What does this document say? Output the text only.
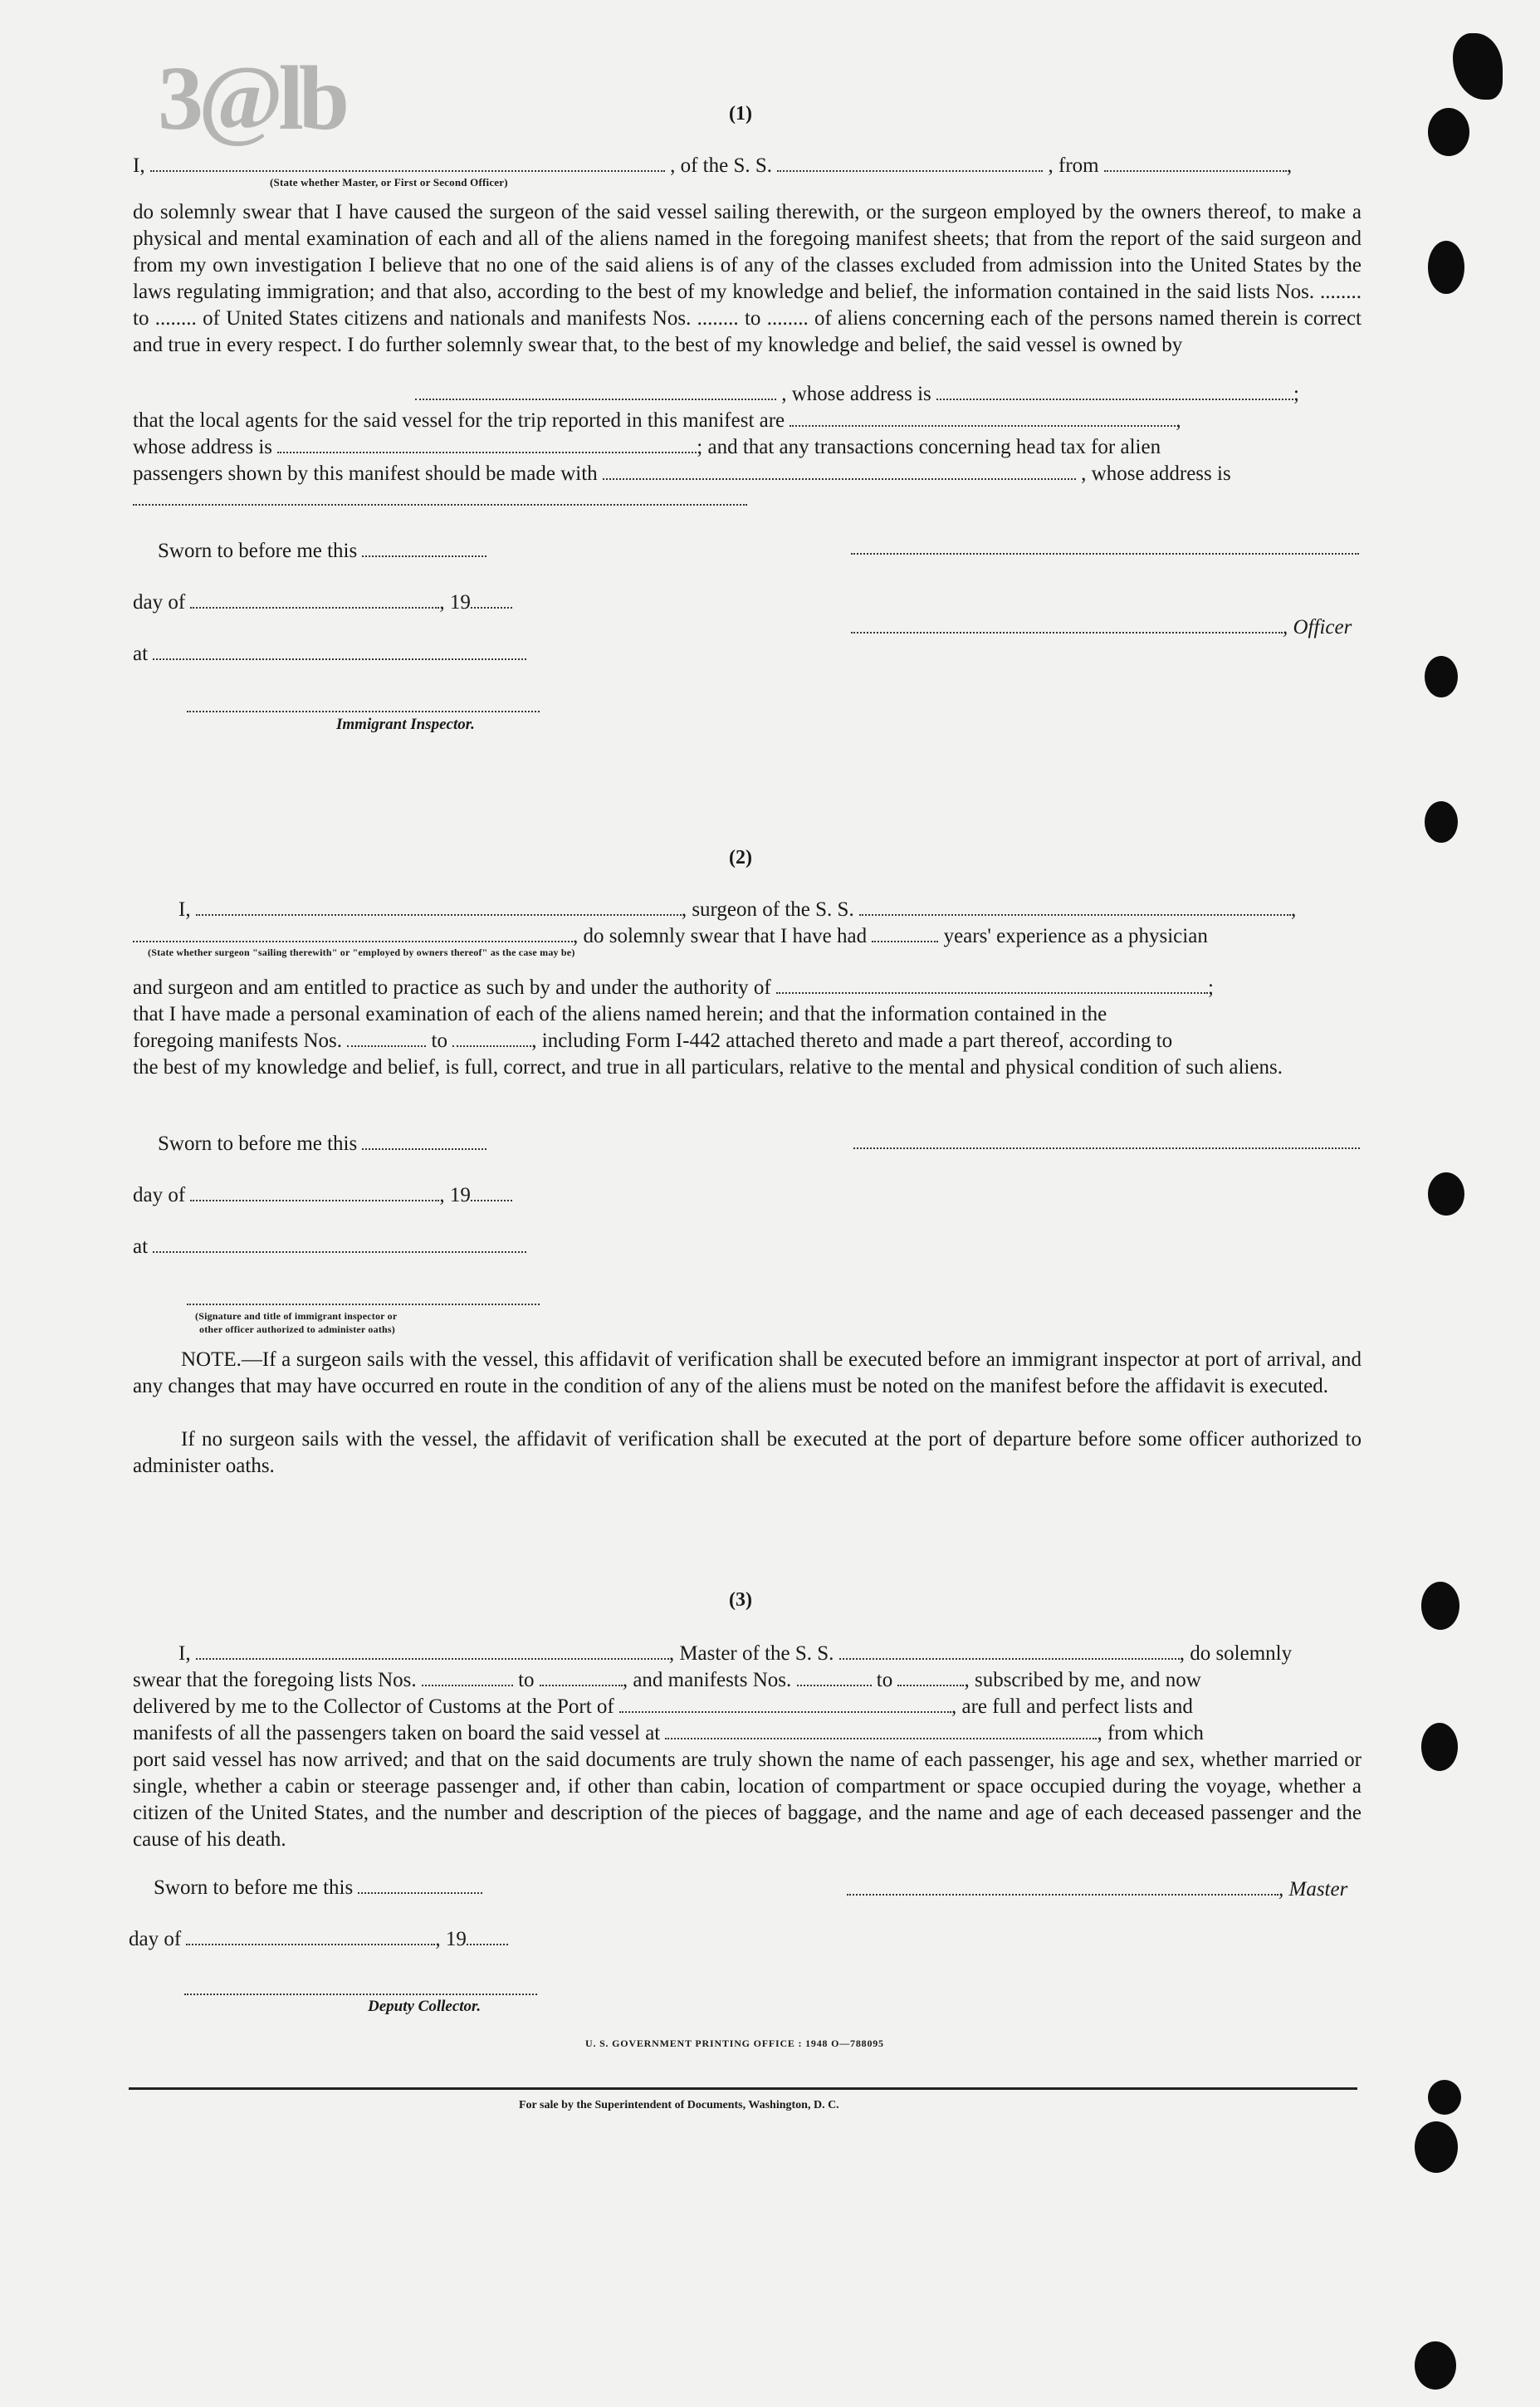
3@lb	(1)
I,	, of the S. S.	, from	,
(State whether Master, or First or Second Officer)
do solemnly swear that I have caused the surgeon of the said vessel sailing therewith, or the surgeon employed by the owners thereof, to make a physical and mental examination of each and all of the aliens named in the foregoing manifest sheets; that from the report of the said surgeon and from my own investigation I believe that no one of the said aliens is of any of the classes excluded from admission into the United States by the laws regulating immigration; and that also, according to the best of my knowledge and belief, the information contained in the said lists Nos. ........ to ........ of United States citizens and nationals and manifests Nos. ........ to ........ of aliens concerning each of the persons named therein is correct and true in every respect. I do further solemnly swear that, to the best of my knowledge and belief, the said vessel is owned by
, whose address is	;
that the local agents for the said vessel for the trip reported in this manifest are	,
whose address is	; and that any transactions concerning head tax for alien
passengers shown by this manifest should be made with	, whose address is
Sworn to before me this
day of	, 19
, Officer
at
Immigrant Inspector.
(2)
I,	, surgeon of the S. S.	,
, do solemnly swear that I have had	years' experience as a physician
(State whether surgeon "sailing therewith" or "employed by owners thereof" as the case may be)
and surgeon and am entitled to practice as such by and under the authority of	;
that I have made a personal examination of each of the aliens named herein; and that the information contained in the
foregoing manifests Nos.	to	, including Form I-442 attached thereto and made a part thereof, according to
the best of my knowledge and belief, is full, correct, and true in all particulars, relative to the mental and physical condition of such aliens.
Sworn to before me this
day of	, 19
at
(Signature and title of immigrant inspector or
other officer authorized to administer oaths)
NOTE.—If a surgeon sails with the vessel, this affidavit of verification shall be executed before an immigrant inspector at port of arrival, and any changes that may have occurred en route in the condition of any of the aliens must be noted on the manifest before the affidavit is executed.
If no surgeon sails with the vessel, the affidavit of verification shall be executed at the port of departure before some officer authorized to administer oaths.
(3)
I,	, Master of the S. S.	, do solemnly
swear that the foregoing lists Nos.	to	, and manifests Nos.	to	, subscribed by me, and now
delivered by me to the Collector of Customs at the Port of	, are full and perfect lists and
manifests of all the passengers taken on board the said vessel at	, from which
port said vessel has now arrived; and that on the said documents are truly shown the name of each passenger, his age and sex, whether married or single, whether a cabin or steerage passenger and, if other than cabin, location of compartment or space occupied during the voyage, whether a citizen of the United States, and the number and description of the pieces of baggage, and the name and age of each deceased passenger and the cause of his death.
Sworn to before me this	, Master
day of	, 19
Deputy Collector.
U. S. GOVERNMENT PRINTING OFFICE : 1948 O—788095
For sale by the Superintendent of Documents, Washington, D. C.
